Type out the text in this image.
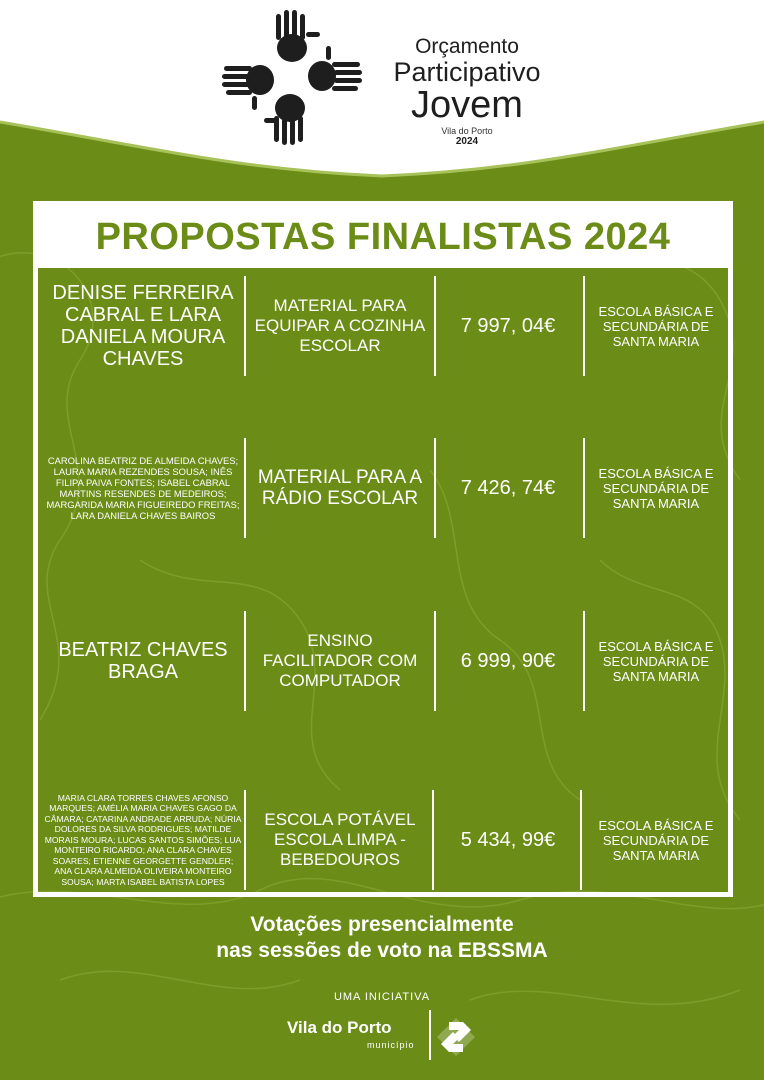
Orçamento
Participativo
Jovem
Vila do Porto
2024
PROPOSTAS FINALISTAS 2024
DENISE FERREIRA CABRAL E LARA DANIELA MOURA CHAVES
MATERIAL PARA EQUIPAR A COZINHA ESCOLAR
7 997, 04€
ESCOLA BÁSICA E SECUNDÁRIA DE SANTA MARIA
CAROLINA BEATRIZ DE ALMEIDA CHAVES; LAURA MARIA REZENDES SOUSA; INÊS FILIPA PAIVA FONTES; ISABEL CABRAL MARTINS RESENDES DE MEDEIROS; MARGARIDA MARIA FIGUEIREDO FREITAS; LARA DANIELA CHAVES BAIROS
MATERIAL PARA A RÁDIO ESCOLAR	7 426, 74€
ESCOLA BÁSICA E SECUNDÁRIA DE SANTA MARIA
BEATRIZ CHAVES BRAGA
ENSINO FACILITADOR COM COMPUTADOR
6 999, 90€
ESCOLA BÁSICA E SECUNDÁRIA DE SANTA MARIA
MARIA CLARA TORRES CHAVES AFONSO MARQUES; AMÉLIA MARIA CHAVES GAGO DA CÂMARA; CATARINA ANDRADE ARRUDA; NÚRIA DOLORES DA SILVA RODRIGUES; MATILDE MORAIS MOURA; LUCAS SANTOS SIMÕES; LUA MONTEIRO RICARDO; ANA CLARA CHAVES SOARES; ETIENNE GEORGETTE GENDLER; ANA CLARA ALMEIDA OLIVEIRA MONTEIRO SOUSA; MARTA ISABEL BATISTA LOPES
ESCOLA POTÁVEL ESCOLA LIMPA - BEBEDOUROS
5 434, 99€
ESCOLA BÁSICA E SECUNDÁRIA DE SANTA MARIA
Votações presencialmente
nas sessões de voto na EBSSMA
UMA INICIATIVA
Vila do Porto
município
